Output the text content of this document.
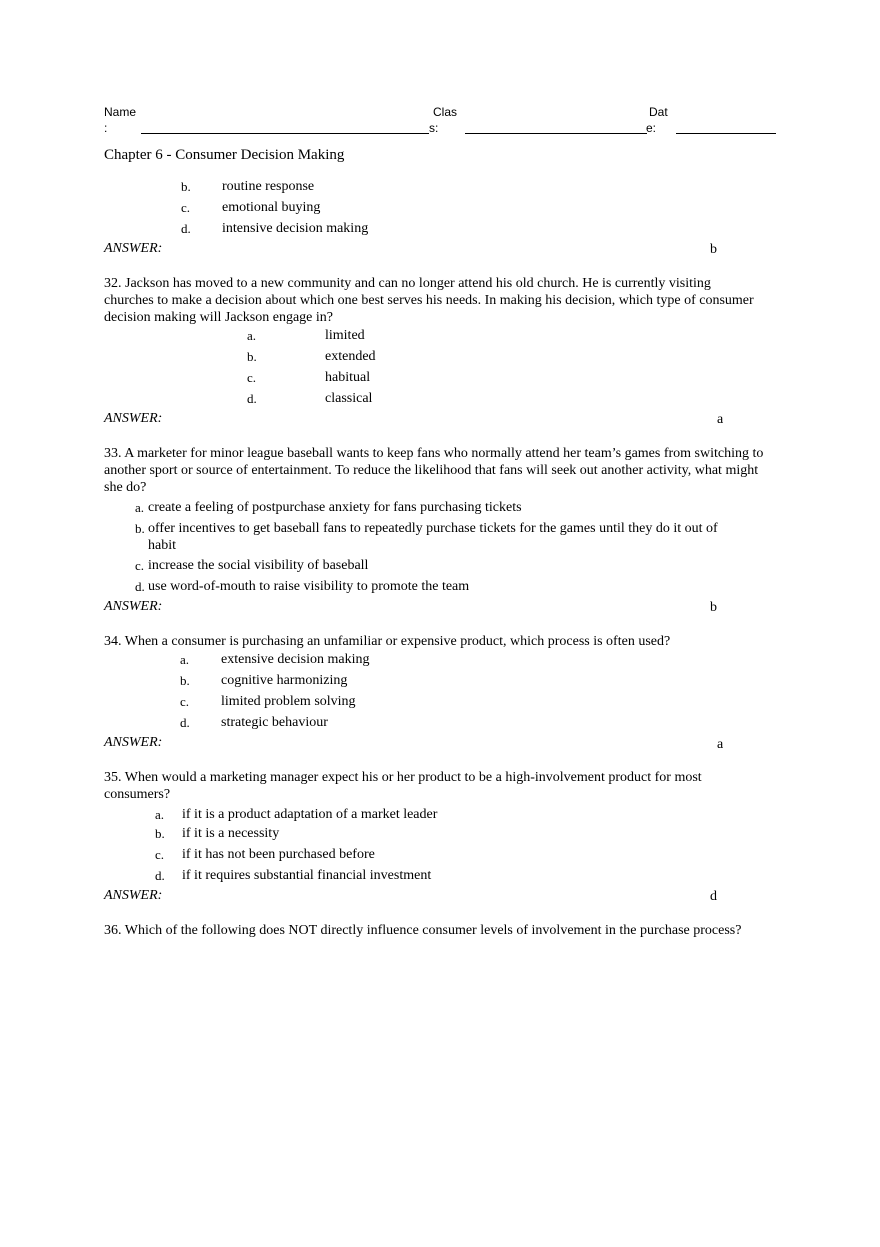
Name
:
Clas
s:
Dat
e:
Chapter 6 - Consumer Decision Making
b. routine response
c. emotional buying
d. intensive decision making
ANSWER:	b
32. Jackson has moved to a new community and can no longer attend his old church. He is currently visiting churches to make a decision about which one best serves his needs. In making his decision, which type of consumer decision making will Jackson engage in?
a.	limited
b.	extended
c.	habitual
d.	classical
ANSWER:	a
33. A marketer for minor league baseball wants to keep fans who normally attend her team’s games from switching to another sport or source of entertainment. To reduce the likelihood that fans will seek out another activity, what might she do?
a. create a feeling of postpurchase anxiety for fans purchasing tickets
b. offer incentives to get baseball fans to repeatedly purchase tickets for the games until they do it out of habit
c. increase the social visibility of baseball
d. use word-of-mouth to raise visibility to promote the team
ANSWER:	b
34. When a consumer is purchasing an unfamiliar or expensive product, which process is often used?
a. extensive decision making
b. cognitive harmonizing
c. limited problem solving
d. strategic behaviour
ANSWER:	a
35. When would a marketing manager expect his or her product to be a high-involvement product for most consumers?
a. if it is a product adaptation of a market leader
b. if it is a necessity
c. if it has not been purchased before
d. if it requires substantial financial investment
ANSWER:	d
36. Which of the following does NOT directly influence consumer levels of involvement in the purchase process?
